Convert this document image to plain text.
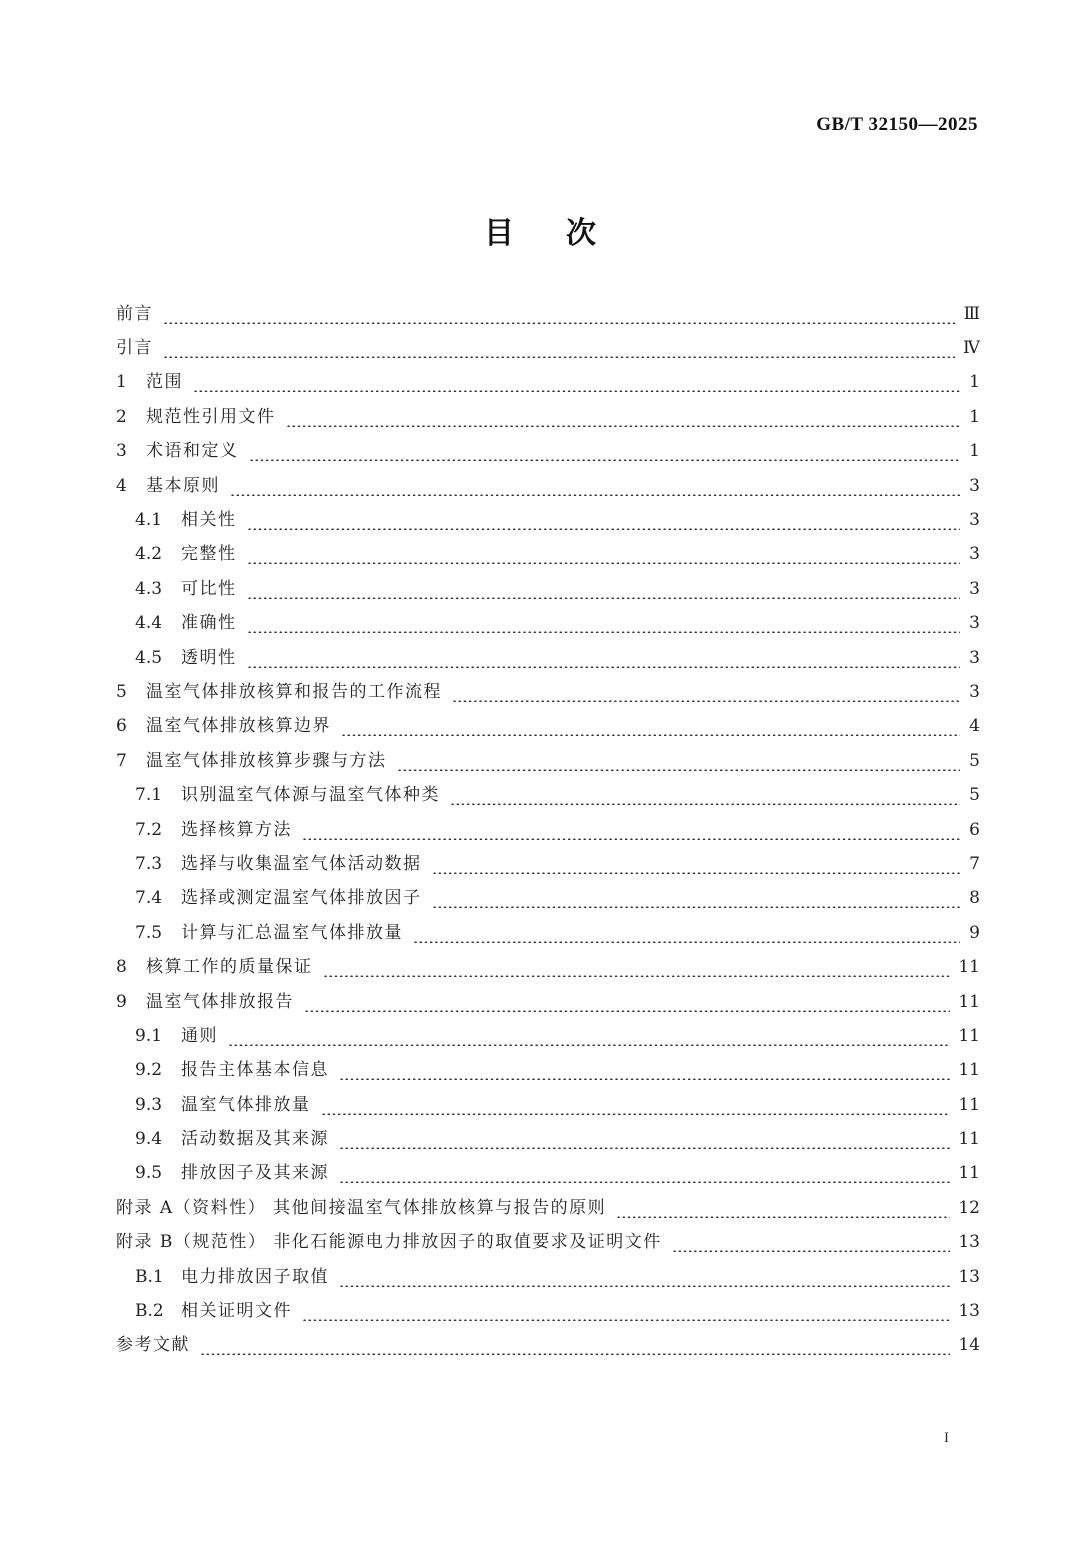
GB/T 32150—2025
目次
前言	Ⅲ
引言	Ⅳ
1	范围	1
2	规范性引用文件	1
3	术语和定义	1
4	基本原则	3
4.1	相关性	3
4.2	完整性	3
4.3	可比性	3
4.4	准确性	3
4.5	透明性	3
5	温室气体排放核算和报告的工作流程	3
6	温室气体排放核算边界	4
7	温室气体排放核算步骤与方法	5
7.1	识别温室气体源与温室气体种类	5
7.2	选择核算方法	6
7.3	选择与收集温室气体活动数据	7
7.4	选择或测定温室气体排放因子	8
7.5	计算与汇总温室气体排放量	9
8	核算工作的质量保证	11
9	温室气体排放报告	11
9.1	通则	11
9.2	报告主体基本信息	11
9.3	温室气体排放量	11
9.4	活动数据及其来源	11
9.5	排放因子及其来源	11
附录 A（资料性） 其他间接温室气体排放核算与报告的原则	12
附录 B（规范性） 非化石能源电力排放因子的取值要求及证明文件	13
B.1	电力排放因子取值	13
B.2	相关证明文件	13
参考文献	14
I
